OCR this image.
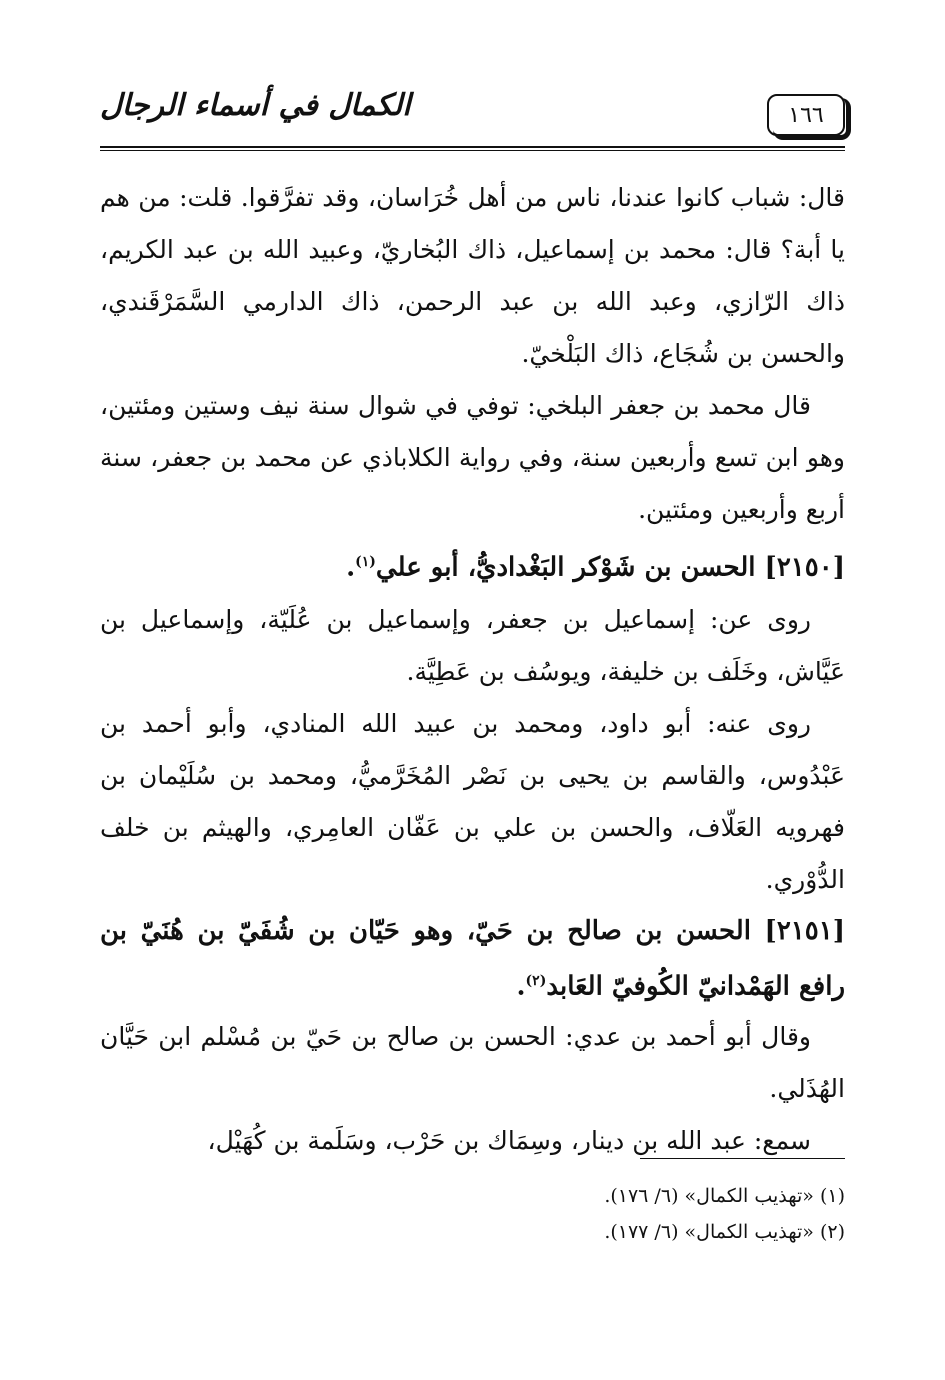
١٦٦
الكمال في أسماء الرجال

قال: شباب كانوا عندنا، ناس من أهل خُرَاسان، وقد تفرَّقوا. قلت: من هم يا أبة؟ قال: محمد بن إسماعيل، ذاك البُخاريّ، وعبيد الله بن عبد الكريم، ذاك الرّازي، وعبد الله بن عبد الرحمن، ذاك الدارمي السَّمَرْقَندي، والحسن بن شُجَاع، ذاك البَلْخيّ.

قال محمد بن جعفر البلخي: توفي في شوال سنة نيف وستين ومئتين، وهو ابن تسع وأربعين سنة، وفي رواية الكلاباذي عن محمد بن جعفر، سنة أربع وأربعين ومئتين.

[٢١٥٠] الحسن بن شَوْكر البَغْداديُّ، أبو علي$^{(١)}$.

روى عن: إسماعيل بن جعفر، وإسماعيل بن عُلَيّة، وإسماعيل بن عَيَّاش، وخَلَف بن خليفة، ويوسُف بن عَطِيَّة.

روى عنه: أبو داود، ومحمد بن عبيد الله المنادي، وأبو أحمد بن عَبْدُوس، والقاسم بن يحيى بن نَصْر المُخَرَّميُّ، ومحمد بن سُلَيْمان بن فهرويه العَلّاف، والحسن بن علي بن عَفّان العامِري، والهيثم بن خلف الدُّوْري.

[٢١٥١] الحسن بن صالح بن حَيّ، وهو حَيّان بن شُفَيّ بن هُنَيّ بن رافع الهَمْدانيّ الكُوفيّ العَابد$^{(٢)}$.

وقال أبو أحمد بن عدي: الحسن بن صالح بن حَيّ بن مُسْلم ابن حَيَّان الهُذَلي.

سمع: عبد الله بن دينار، وسِمَاك بن حَرْب، وسَلَمة بن كُهَيْل،

(١) «تهذيب الكمال» (٦/ ١٧٦).
(٢) «تهذيب الكمال» (٦/ ١٧٧).
